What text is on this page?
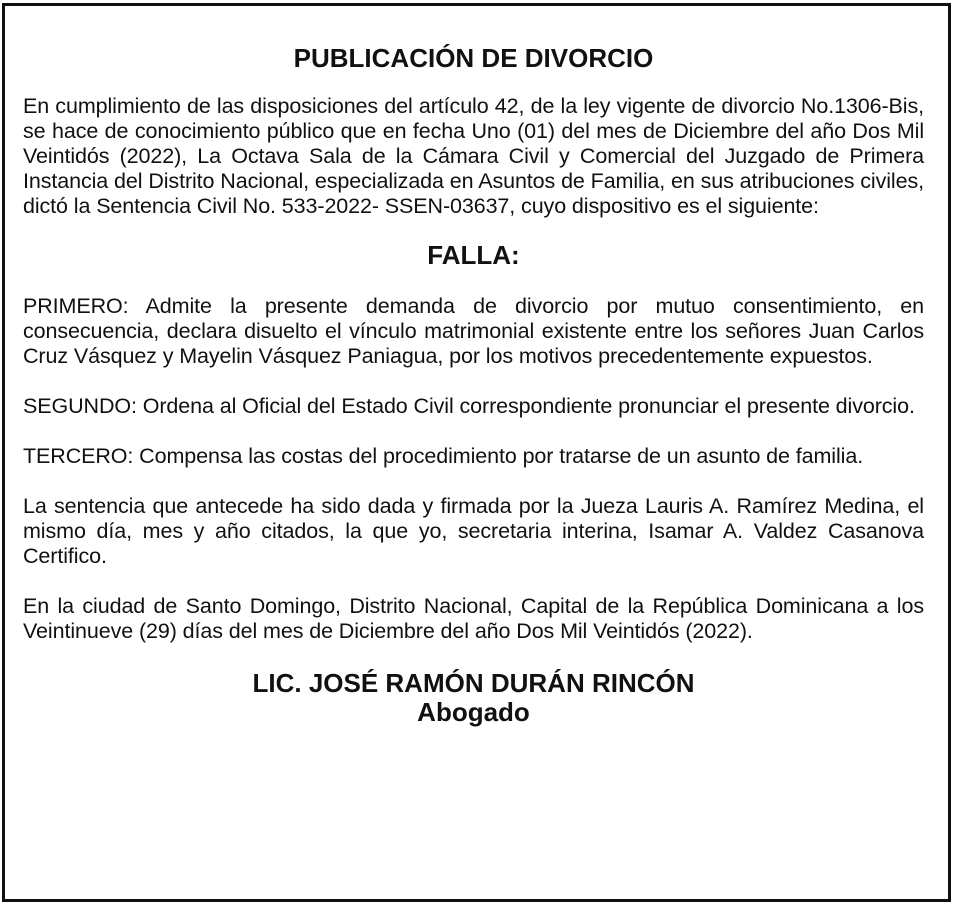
PUBLICACIÓN DE DIVORCIO

En cumplimiento de las disposiciones del artículo 42, de la ley vigente de divorcio No.1306-Bis, se hace de conocimiento público que en fecha Uno (01) del mes de Diciembre del año Dos Mil Veintidós (2022), La Octava Sala de la Cámara Civil y Comercial del Juzgado de Primera Instancia del Distrito Nacional, especializada en Asuntos de Familia, en sus atribuciones civiles, dictó la Sentencia Civil No. 533-2022- SSEN-03637, cuyo dispositivo es el siguiente:

FALLA:

PRIMERO: Admite la presente demanda de divorcio por mutuo consentimiento, en consecuencia, declara disuelto el vínculo matrimonial existente entre los señores Juan Carlos Cruz Vásquez y Mayelin Vásquez Paniagua, por los motivos precedentemente expuestos.

SEGUNDO: Ordena al Oficial del Estado Civil correspondiente pronunciar el presente divorcio.

TERCERO: Compensa las costas del procedimiento por tratarse de un asunto de familia.

La sentencia que antecede ha sido dada y firmada por la Jueza Lauris A. Ramírez Medina, el mismo día, mes y año citados, la que yo, secretaria interina, Isamar A. Valdez Casanova Certifico.

En la ciudad de Santo Domingo, Distrito Nacional, Capital de la República Dominicana a los Veintinueve (29) días del mes de Diciembre del año Dos Mil Veintidós (2022).

LIC. JOSÉ RAMÓN DURÁN RINCÓN
Abogado
